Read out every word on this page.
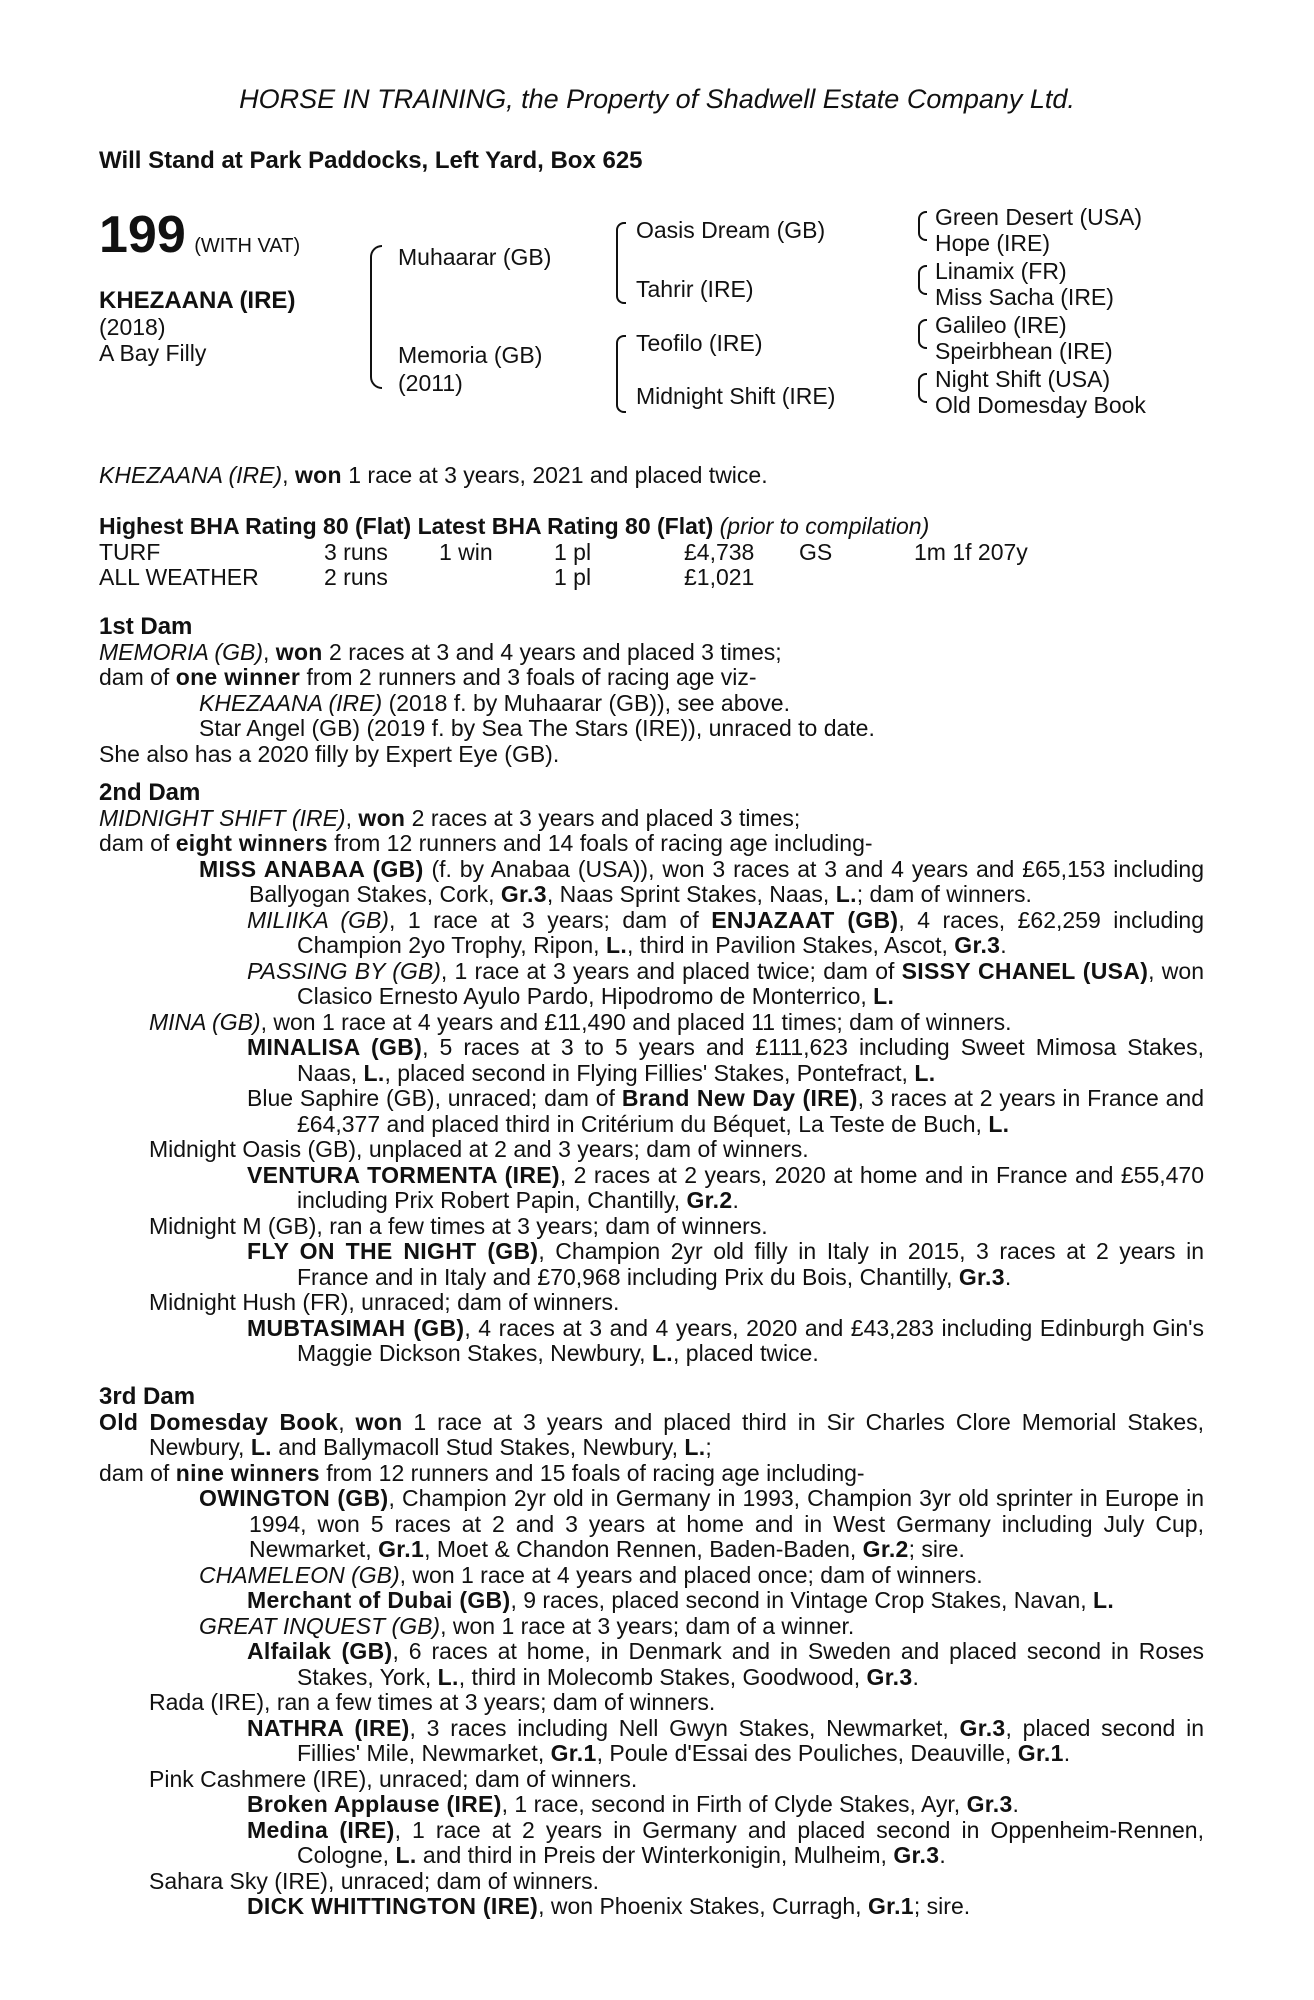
HORSE IN TRAINING, the Property of Shadwell Estate Company Ltd.
Will Stand at Park Paddocks, Left Yard, Box 625
199 (WITH VAT)
KHEZAANA (IRE)
(2018)
A Bay Filly
Muhaarar (GB)
Memoria (GB)
(2011)
Oasis Dream (GB)
Tahrir (IRE)
Teofilo (IRE)
Midnight Shift (IRE)
Green Desert (USA)
Hope (IRE)
Linamix (FR)
Miss Sacha (IRE)
Galileo (IRE)
Speirbhean (IRE)
Night Shift (USA)
Old Domesday Book
KHEZAANA (IRE), won 1 race at 3 years, 2021 and placed twice.
Highest BHA Rating 80 (Flat) Latest BHA Rating 80 (Flat) (prior to compilation)
TURF	3 runs	1 win	1 pl	£4,738	GS	1m 1f 207y
ALL WEATHER	2 runs	1 pl	£1,021
1st Dam

MEMORIA (GB), won 2 races at 3 and 4 years and placed 3 times;

dam of one winner from 2 runners and 3 foals of racing age viz-

KHEZAANA (IRE) (2018 f. by Muhaarar (GB)), see above.

Star Angel (GB) (2019 f. by Sea The Stars (IRE)), unraced to date.

She also has a 2020 filly by Expert Eye (GB).

2nd Dam

MIDNIGHT SHIFT (IRE), won 2 races at 3 years and placed 3 times;

dam of eight winners from 12 runners and 14 foals of racing age including-

MISS ANABAA (GB) (f. by Anabaa (USA)), won 3 races at 3 and 4 years and £65,153 including Ballyogan Stakes, Cork, Gr.3, Naas Sprint Stakes, Naas, L.; dam of winners.

MILIIKA (GB), 1 race at 3 years; dam of ENJAZAAT (GB), 4 races, £62,259 including Champion 2yo Trophy, Ripon, L., third in Pavilion Stakes, Ascot, Gr.3.

PASSING BY (GB), 1 race at 3 years and placed twice; dam of SISSY CHANEL (USA), won Clasico Ernesto Ayulo Pardo, Hipodromo de Monterrico, L.

MINA (GB), won 1 race at 4 years and £11,490 and placed 11 times; dam of winners.

MINALISA (GB), 5 races at 3 to 5 years and £111,623 including Sweet Mimosa Stakes, Naas, L., placed second in Flying Fillies' Stakes, Pontefract, L.

Blue Saphire (GB), unraced; dam of Brand New Day (IRE), 3 races at 2 years in France and £64,377 and placed third in Critérium du Béquet, La Teste de Buch, L.

Midnight Oasis (GB), unplaced at 2 and 3 years; dam of winners.

VENTURA TORMENTA (IRE), 2 races at 2 years, 2020 at home and in France and £55,470 including Prix Robert Papin, Chantilly, Gr.2.

Midnight M (GB), ran a few times at 3 years; dam of winners.

FLY ON THE NIGHT (GB), Champion 2yr old filly in Italy in 2015, 3 races at 2 years in France and in Italy and £70,968 including Prix du Bois, Chantilly, Gr.3.

Midnight Hush (FR), unraced; dam of winners.

MUBTASIMAH (GB), 4 races at 3 and 4 years, 2020 and £43,283 including Edinburgh Gin's Maggie Dickson Stakes, Newbury, L., placed twice.

3rd Dam

Old Domesday Book, won 1 race at 3 years and placed third in Sir Charles Clore Memorial Stakes, Newbury, L. and Ballymacoll Stud Stakes, Newbury, L.;

dam of nine winners from 12 runners and 15 foals of racing age including-

OWINGTON (GB), Champion 2yr old in Germany in 1993, Champion 3yr old sprinter in Europe in 1994, won 5 races at 2 and 3 years at home and in West Germany including July Cup, Newmarket, Gr.1, Moet & Chandon Rennen, Baden-Baden, Gr.2; sire.

CHAMELEON (GB), won 1 race at 4 years and placed once; dam of winners.

Merchant of Dubai (GB), 9 races, placed second in Vintage Crop Stakes, Navan, L.

GREAT INQUEST (GB), won 1 race at 3 years; dam of a winner.

Alfailak (GB), 6 races at home, in Denmark and in Sweden and placed second in Roses Stakes, York, L., third in Molecomb Stakes, Goodwood, Gr.3.

Rada (IRE), ran a few times at 3 years; dam of winners.

NATHRA (IRE), 3 races including Nell Gwyn Stakes, Newmarket, Gr.3, placed second in Fillies' Mile, Newmarket, Gr.1, Poule d'Essai des Pouliches, Deauville, Gr.1.

Pink Cashmere (IRE), unraced; dam of winners.

Broken Applause (IRE), 1 race, second in Firth of Clyde Stakes, Ayr, Gr.3.

Medina (IRE), 1 race at 2 years in Germany and placed second in Oppenheim-Rennen, Cologne, L. and third in Preis der Winterkonigin, Mulheim, Gr.3.

Sahara Sky (IRE), unraced; dam of winners.

DICK WHITTINGTON (IRE), won Phoenix Stakes, Curragh, Gr.1; sire.
